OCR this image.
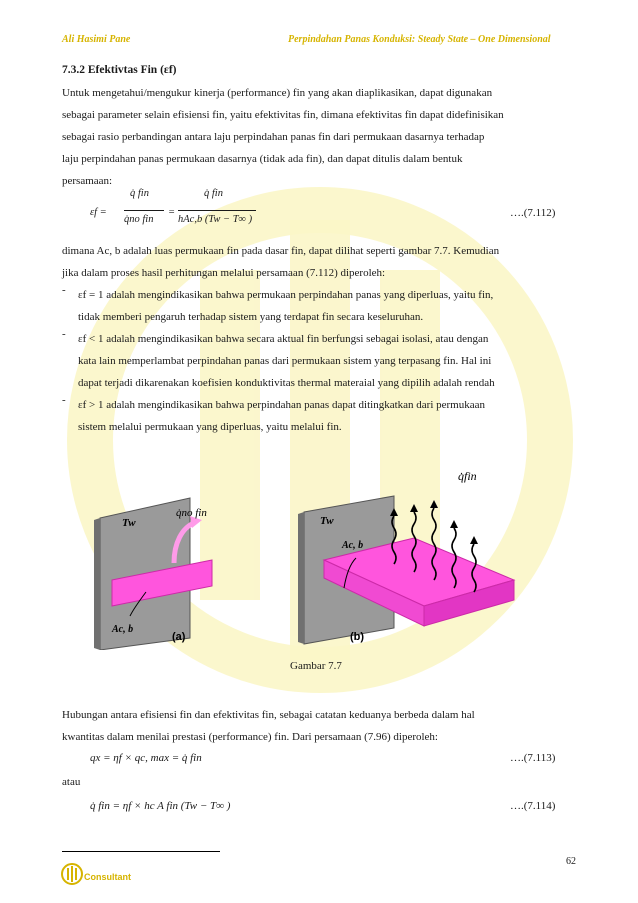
Ali Hasimi Pane	Perpindahan Panas Konduksi: Steady State – One Dimensional
7.3.2 Efektivtas Fin (εf)
Untuk mengetahui/mengukur kinerja (performance) fin yang akan diaplikasikan, dapat digunakan
sebagai parameter selain efisiensi fin, yaitu efektivitas fin, dimana efektivitas fin dapat didefinisikan
sebagai rasio perbandingan antara laju perpindahan panas fin dari permukaan dasarnya terhadap
laju perpindahan panas permukaan dasarnya (tidak ada fin), dan dapat ditulis dalam bentuk
persamaan:
εf =
q̇ fin
q̇no fin
=
q̇ fin
hAc,b (Tw − T∞ )
….(7.112)
dimana Ac, b adalah luas permukaan fin pada dasar fin, dapat dilihat seperti gambar 7.7. Kemudian
jika dalam proses hasil perhitungan melalui persamaan (7.112) diperoleh:
- εf = 1 adalah mengindikasikan bahwa permukaan perpindahan panas yang diperluas, yaitu fin,
tidak memberi pengaruh terhadap sistem yang terdapat fin secara keseluruhan.
- εf < 1 adalah mengindikasikan bahwa secara aktual fin berfungsi sebagai isolasi, atau dengan
kata lain memperlambat perpindahan panas dari permukaan sistem yang terpasang fin. Hal ini
dapat terjadi dikarenakan koefisien konduktivitas thermal materaial yang dipilih adalah rendah
- εf > 1 adalah mengindikasikan bahwa perpindahan panas dapat ditingkatkan dari permukaan
sistem melalui permukaan yang diperluas, yaitu melalui fin.
Tw
q̇no fin
Ac, b
(a)
Tw
Ac, b
q̇fin
(b)
Gambar 7.7
Hubungan antara efisiensi fin dan efektivitas fin, sebagai catatan keduanya berbeda dalam hal
kwantitas dalam menilai prestasi (performance) fin. Dari persamaan (7.96) diperoleh:
qx = ηf × qc, max = q̇ fin	….(7.113)
atau
q̇ fin = ηf × hc A fin (Tw − T∞ )	….(7.114)
62
Consultant
